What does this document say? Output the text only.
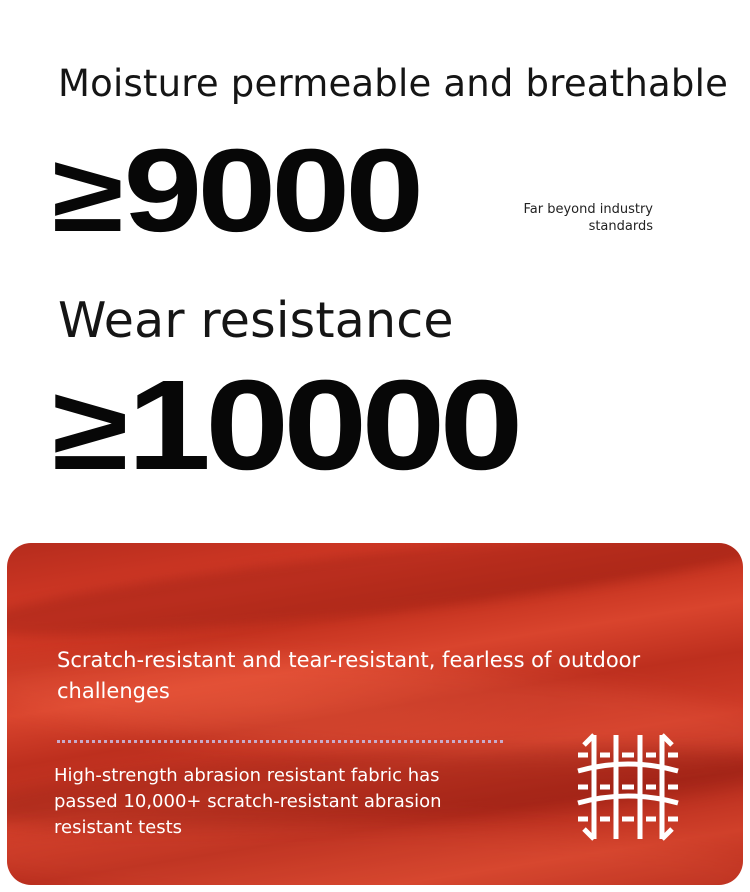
Moisture permeable and breathable
≥9000	Far beyond industry standards
Wear resistance
≥10000
Scratch-resistant and tear-resistant, fearless of outdoor challenges
High-strength abrasion resistant fabric has passed 10,000+ scratch-resistant abrasion resistant tests
